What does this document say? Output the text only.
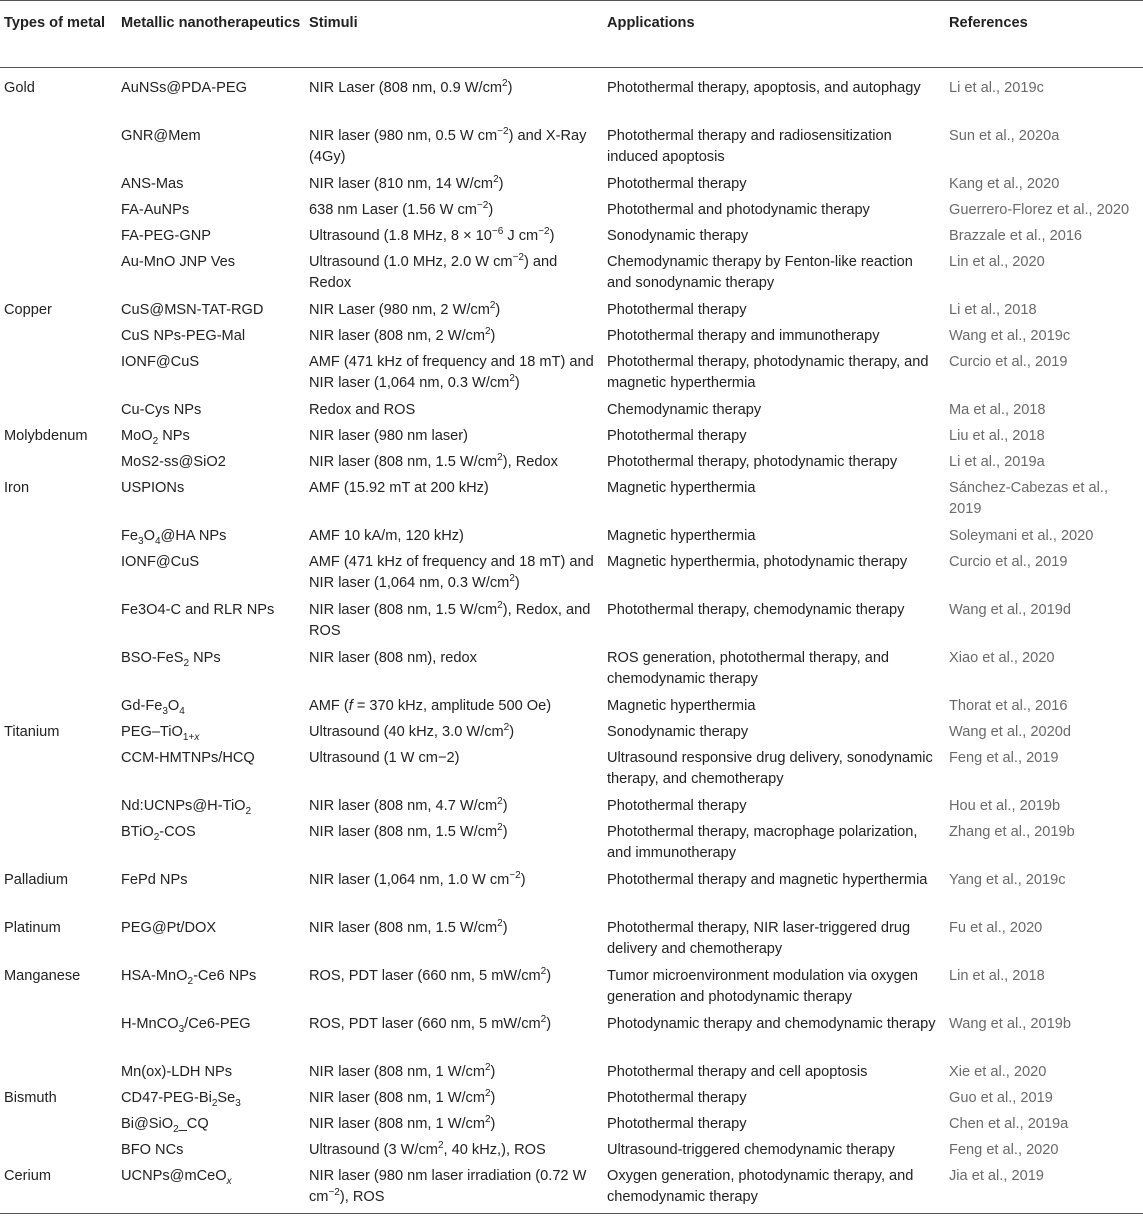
Types of metal	Metallic nanotherapeutics	Stimuli	Applications	References
Gold	AuNSs@PDA-PEG	NIR Laser (808 nm, 0.9 $W/cm^2$)	Photothermal therapy, apoptosis, and autophagy	Li et al., 2019c
	GNR@Mem	NIR laser (980 nm, 0.5 W $cm^{-2}$) and X-Ray (4Gy)	Photothermal therapy and radiosensitization induced apoptosis	Sun et al., 2020a
	ANS-Mas	NIR laser (810 nm, 14 $W/cm^2$)	Photothermal therapy	Kang et al., 2020
	FA-AuNPs	638 nm Laser (1.56 W $cm^{-2}$)	Photothermal and photodynamic therapy	Guerrero-Florez et al., 2020
	FA-PEG-GNP	Ultrasound (1.8 MHz, $8 \times 10^{-6}$ J $cm^{-2}$)	Sonodynamic therapy	Brazzale et al., 2016
	Au-MnO JNP Ves	Ultrasound (1.0 MHz, 2.0 W $cm^{-2}$) and Redox	Chemodynamic therapy by Fenton-like reaction and sonodynamic therapy	Lin et al., 2020
Copper	CuS@MSN-TAT-RGD	NIR Laser (980 nm, 2 $W/cm^2$)	Photothermal therapy	Li et al., 2018
	CuS NPs-PEG-Mal	NIR laser (808 nm, 2 $W/cm^2$)	Photothermal therapy and immunotherapy	Wang et al., 2019c
	IONF@CuS	AMF (471 kHz of frequency and 18 mT) and NIR laser (1,064 nm, 0.3 $W/cm^2$)	Photothermal therapy, photodynamic therapy, and magnetic hyperthermia	Curcio et al., 2019
	Cu-Cys NPs	Redox and ROS	Chemodynamic therapy	Ma et al., 2018
Molybdenum	MoO$_2$ NPs	NIR laser (980 nm laser)	Photothermal therapy	Liu et al., 2018
	MoS2-ss@SiO2	NIR laser (808 nm, 1.5 $W/cm^2$), Redox	Photothermal therapy, photodynamic therapy	Li et al., 2019a
Iron	USPIONs	AMF (15.92 mT at 200 kHz)	Magnetic hyperthermia	Sánchez-Cabezas et al., 2019
	$Fe_3O_4@HA$ NPs	AMF 10 kA/m, 120 kHz)	Magnetic hyperthermia	Soleymani et al., 2020
	IONF@CuS	AMF (471 kHz of frequency and 18 mT) and NIR laser (1,064 nm, 0.3 $W/cm^2$)	Magnetic hyperthermia, photodynamic therapy	Curcio et al., 2019
	Fe3O4-C and RLR NPs	NIR laser (808 nm, 1.5 $W/cm^2$), Redox, and ROS	Photothermal therapy, chemodynamic therapy	Wang et al., 2019d
	BSO-FeS$_2$ NPs	NIR laser (808 nm), redox	ROS generation, photothermal therapy, and chemodynamic therapy	Xiao et al., 2020
	$Gd-Fe_3O_4$	AMF (f = 370 kHz, amplitude 500 Oe)	Magnetic hyperthermia	Thorat et al., 2016
Titanium	PEG–TiO$_{1+x}$	Ultrasound (40 kHz, 3.0 $W/cm^2$)	Sonodynamic therapy	Wang et al., 2020d
	CCM-HMTNPs/HCQ	Ultrasound (1 W cm−2)	Ultrasound responsive drug delivery, sonodynamic therapy, and chemotherapy	Feng et al., 2019
	Nd:UCNPs@H-TiO$_2$	NIR laser (808 nm, 4.7 $W/cm^2$)	Photothermal therapy	Hou et al., 2019b
	BTiO$_2$-COS	NIR laser (808 nm, 1.5 $W/cm^2$)	Photothermal therapy, macrophage polarization, and immunotherapy	Zhang et al., 2019b
Palladium	FePd NPs	NIR laser (1,064 nm, 1.0 W $cm^{-2}$)	Photothermal therapy and magnetic hyperthermia	Yang et al., 2019c
Platinum	PEG@Pt/DOX	NIR laser (808 nm, 1.5 $W/cm^2$)	Photothermal therapy, NIR laser-triggered drug delivery and chemotherapy	Fu et al., 2020
Manganese	HSA-MnO$_2$-Ce6 NPs	ROS, PDT laser (660 nm, 5 $mW/cm^2$)	Tumor microenvironment modulation via oxygen generation and photodynamic therapy	Lin et al., 2018
	H-MnCO$_3$/Ce6-PEG	ROS, PDT laser (660 nm, 5 $mW/cm^2$)	Photodynamic therapy and chemodynamic therapy	Wang et al., 2019b
	Mn(ox)-LDH NPs	NIR laser (808 nm, 1 $W/cm^2$)	Photothermal therapy and cell apoptosis	Xie et al., 2020
Bismuth	$CD47-PEG-Bi_2Se_3$	NIR laser (808 nm, 1 $W/cm^2$)	Photothermal therapy	Guo et al., 2019
	Bi@SiO$_2$_CQ	NIR laser (808 nm, 1 $W/cm^2$)	Photothermal therapy	Chen et al., 2019a
	BFO NCs	Ultrasound (3 $W/cm^2$, 40 kHz,), ROS	Ultrasound-triggered chemodynamic therapy	Feng et al., 2020
Cerium	UCNPs@mCeO$_x$	NIR laser (980 nm laser irradiation (0.72 W $cm^{-2}$), ROS	Oxygen generation, photodynamic therapy, and chemodynamic therapy	Jia et al., 2019
